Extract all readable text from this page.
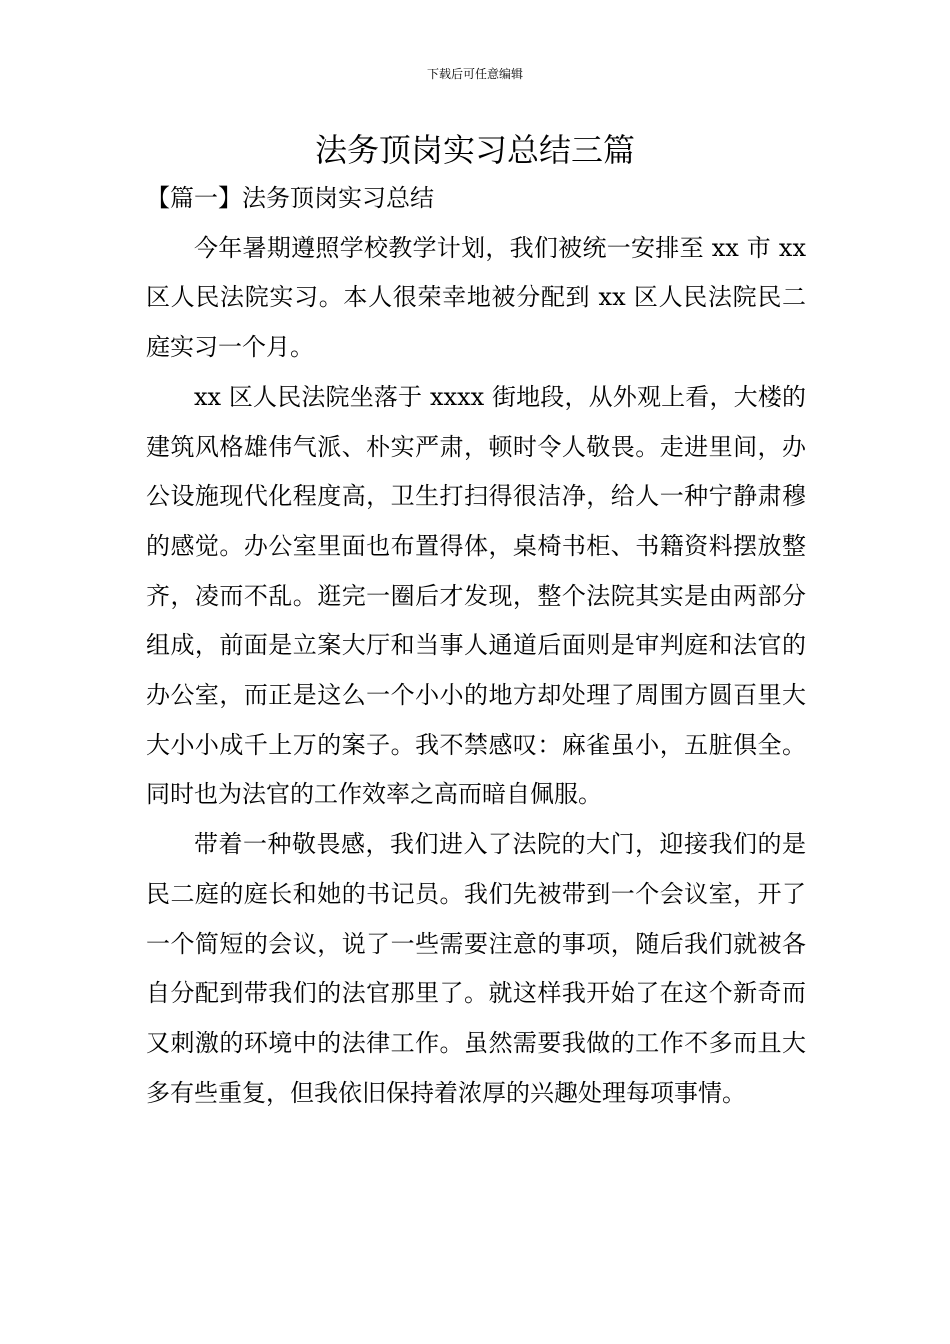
下载后可任意编辑
法务顶岗实习总结三篇
【篇一】法务顶岗实习总结

今年暑期遵照学校教学计划，我们被统一安排至 xx 市 xx 区人民法院实习。本人很荣幸地被分配到 xx 区人民法院民二庭实习一个月。

xx 区人民法院坐落于 xxxx 街地段，从外观上看，大楼的建筑风格雄伟气派、朴实严肃，顿时令人敬畏。走进里间，办公设施现代化程度高，卫生打扫得很洁净，给人一种宁静肃穆的感觉。办公室里面也布置得体，桌椅书柜、书籍资料摆放整齐，凌而不乱。逛完一圈后才发现，整个法院其实是由两部分组成，前面是立案大厅和当事人通道后面则是审判庭和法官的办公室，而正是这么一个小小的地方却处理了周围方圆百里大大小小成千上万的案子。我不禁感叹：麻雀虽小，五脏俱全。同时也为法官的工作效率之高而暗自佩服。

带着一种敬畏感，我们进入了法院的大门，迎接我们的是民二庭的庭长和她的书记员。我们先被带到一个会议室，开了一个简短的会议，说了一些需要注意的事项，随后我们就被各自分配到带我们的法官那里了。就这样我开始了在这个新奇而又刺激的环境中的法律工作。虽然需要我做的工作不多而且大多有些重复，但我依旧保持着浓厚的兴趣处理每项事情。
